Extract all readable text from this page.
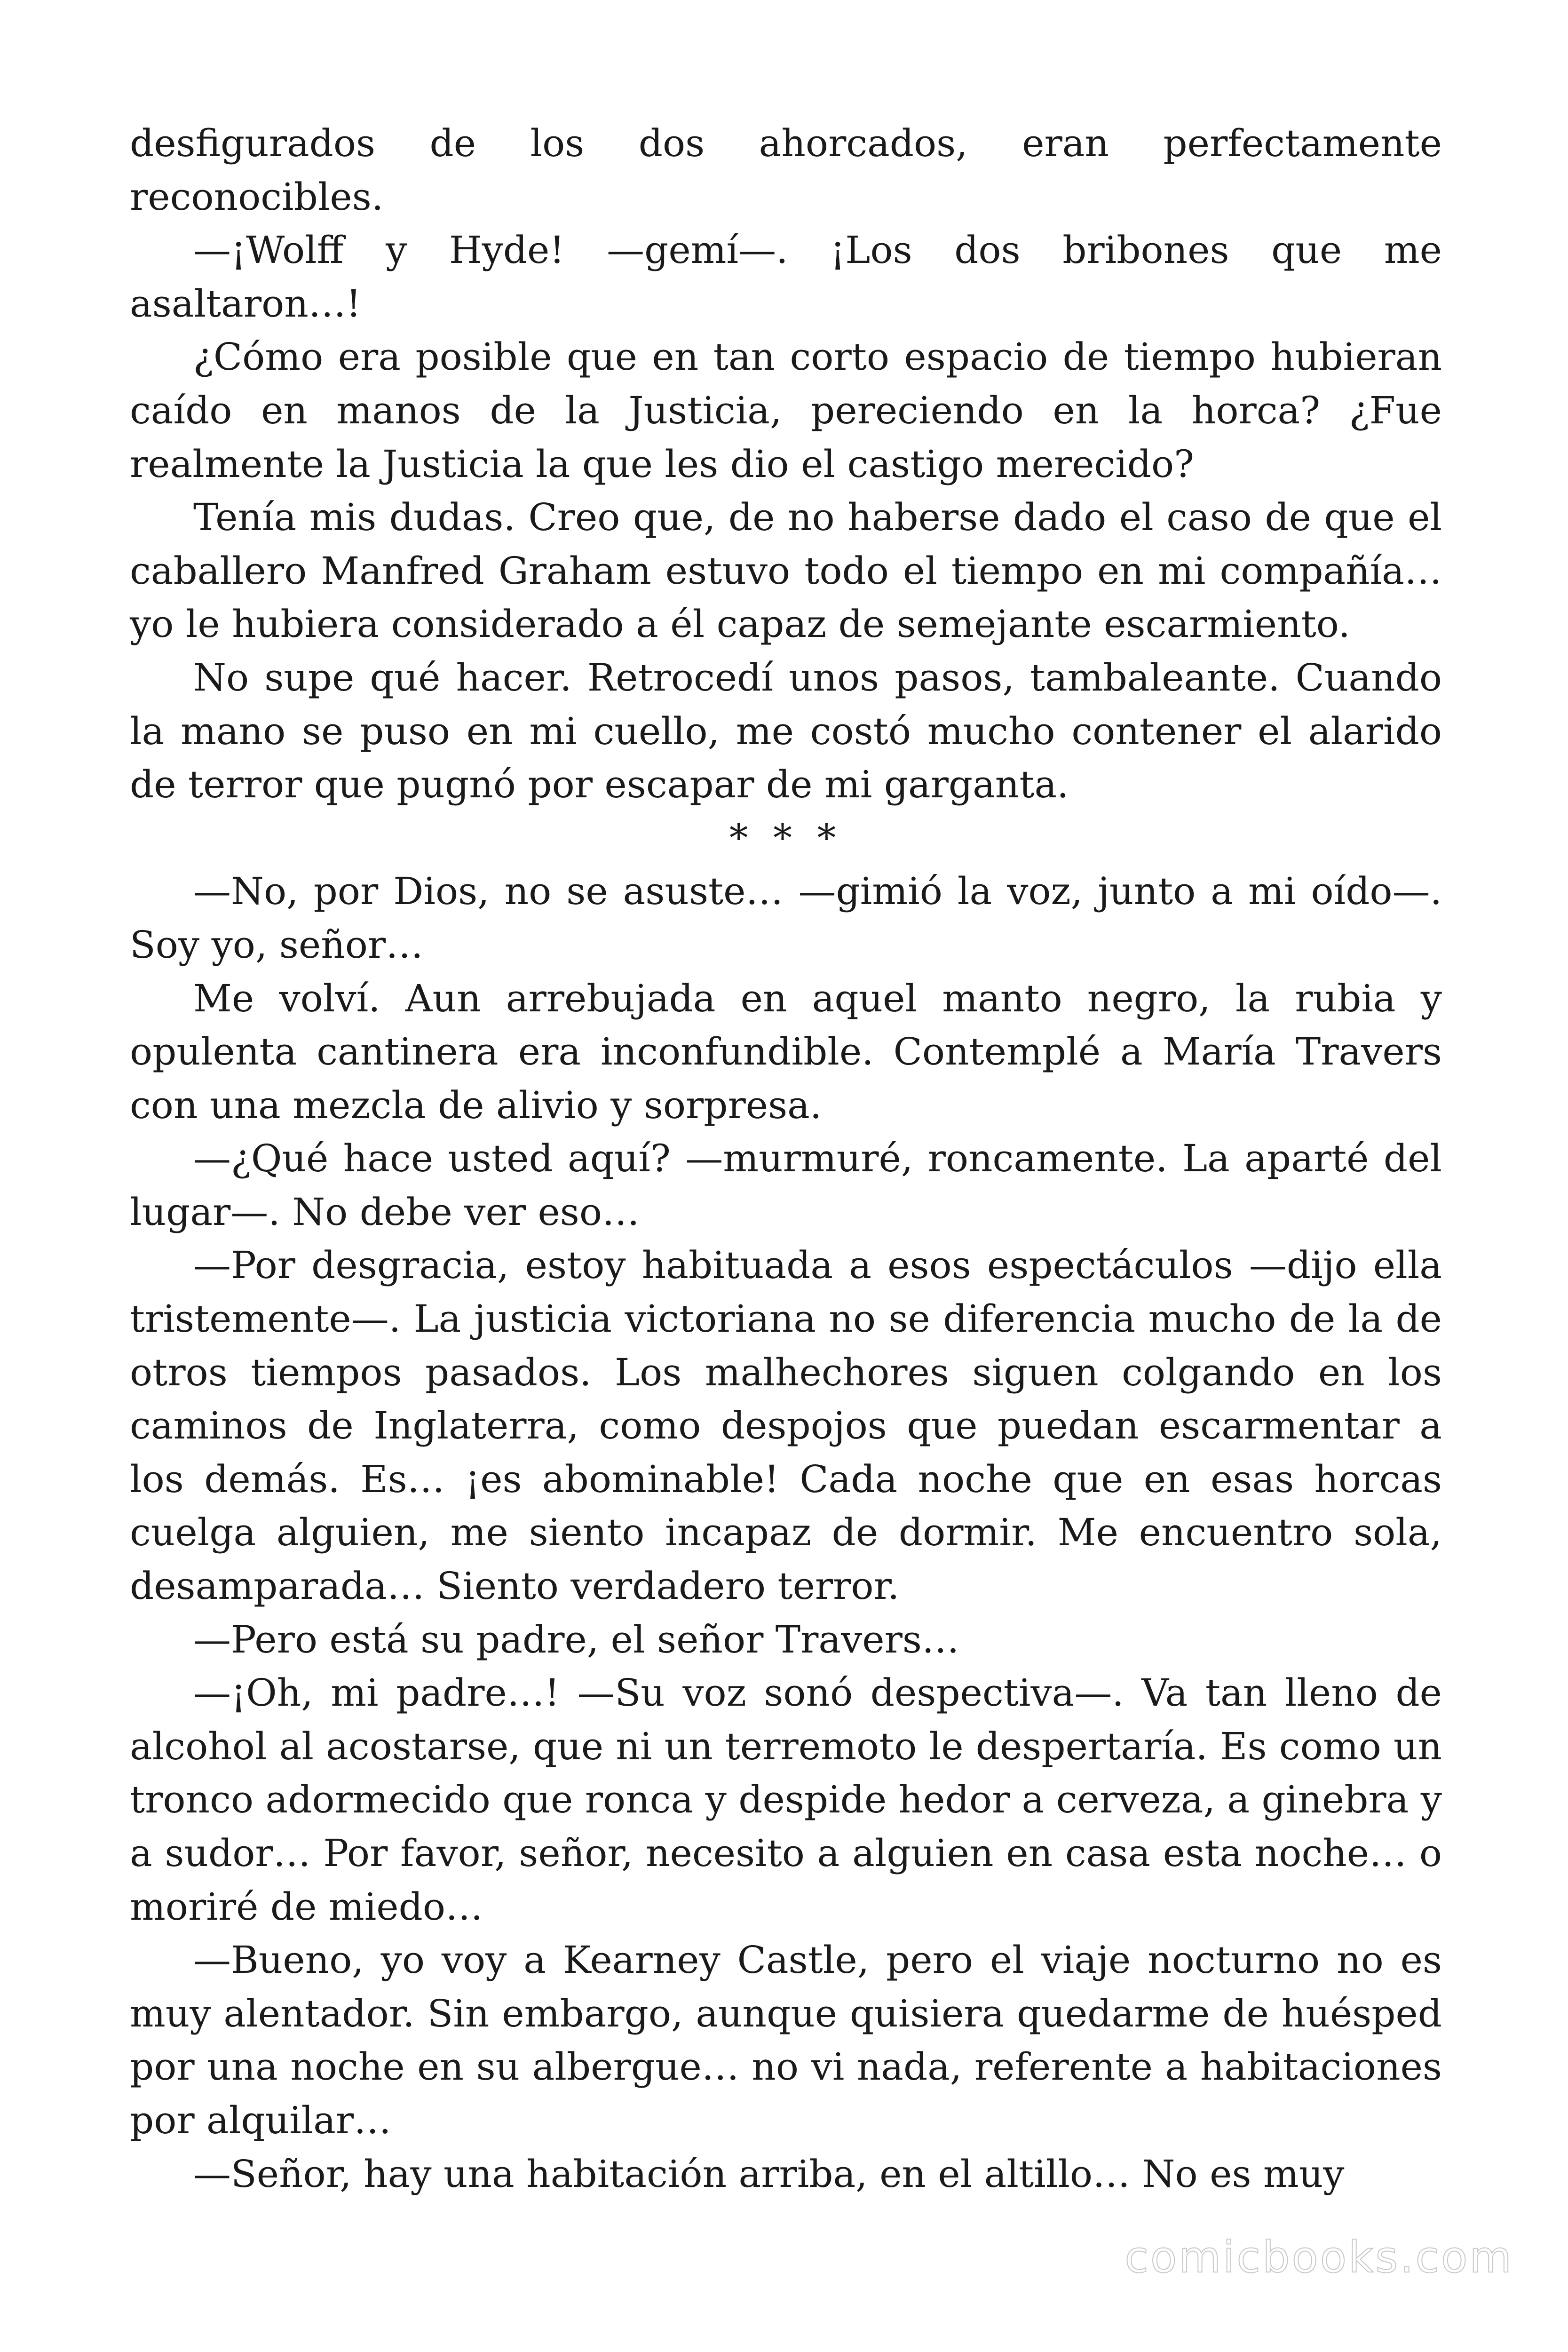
desfigurados de los dos ahorcados, eran perfectamente reconocibles.

—¡Wolff y Hyde! —gemí—. ¡Los dos bribones que me asaltaron…!

¿Cómo era posible que en tan corto espacio de tiempo hubieran caído en manos de la Justicia, pereciendo en la horca? ¿Fue realmente la Justicia la que les dio el castigo merecido?

Tenía mis dudas. Creo que, de no haberse dado el caso de que el caballero Manfred Graham estuvo todo el tiempo en mi compañía… yo le hubiera considerado a él capaz de semejante escarmiento.

No supe qué hacer. Retrocedí unos pasos, tambaleante. Cuando la mano se puso en mi cuello, me costó mucho contener el alarido de terror que pugnó por escapar de mi garganta.

* * *

—No, por Dios, no se asuste… —gimió la voz, junto a mi oído—. Soy yo, señor…

Me volví. Aun arrebujada en aquel manto negro, la rubia y opulenta cantinera era inconfundible. Contemplé a María Travers con una mezcla de alivio y sorpresa.

—¿Qué hace usted aquí? —murmuré, roncamente. La aparté del lugar—. No debe ver eso…

—Por desgracia, estoy habituada a esos espectáculos —dijo ella tristemente—. La justicia victoriana no se diferencia mucho de la de otros tiempos pasados. Los malhechores siguen colgando en los caminos de Inglaterra, como despojos que puedan escarmentar a los demás. Es… ¡es abominable! Cada noche que en esas horcas cuelga alguien, me siento incapaz de dormir. Me encuentro sola, desamparada… Siento verdadero terror.

—Pero está su padre, el señor Travers…

—¡Oh, mi padre…! —Su voz sonó despectiva—. Va tan lleno de alcohol al acostarse, que ni un terremoto le despertaría. Es como un tronco adormecido que ronca y despide hedor a cerveza, a ginebra y a sudor… Por favor, señor, necesito a alguien en casa esta noche… o moriré de miedo…

—Bueno, yo voy a Kearney Castle, pero el viaje nocturno no es muy alentador. Sin embargo, aunque quisiera quedarme de huésped por una noche en su albergue… no vi nada, referente a habitaciones por alquilar…

—Señor, hay una habitación arriba, en el altillo… No es muy

comicbooks.com
